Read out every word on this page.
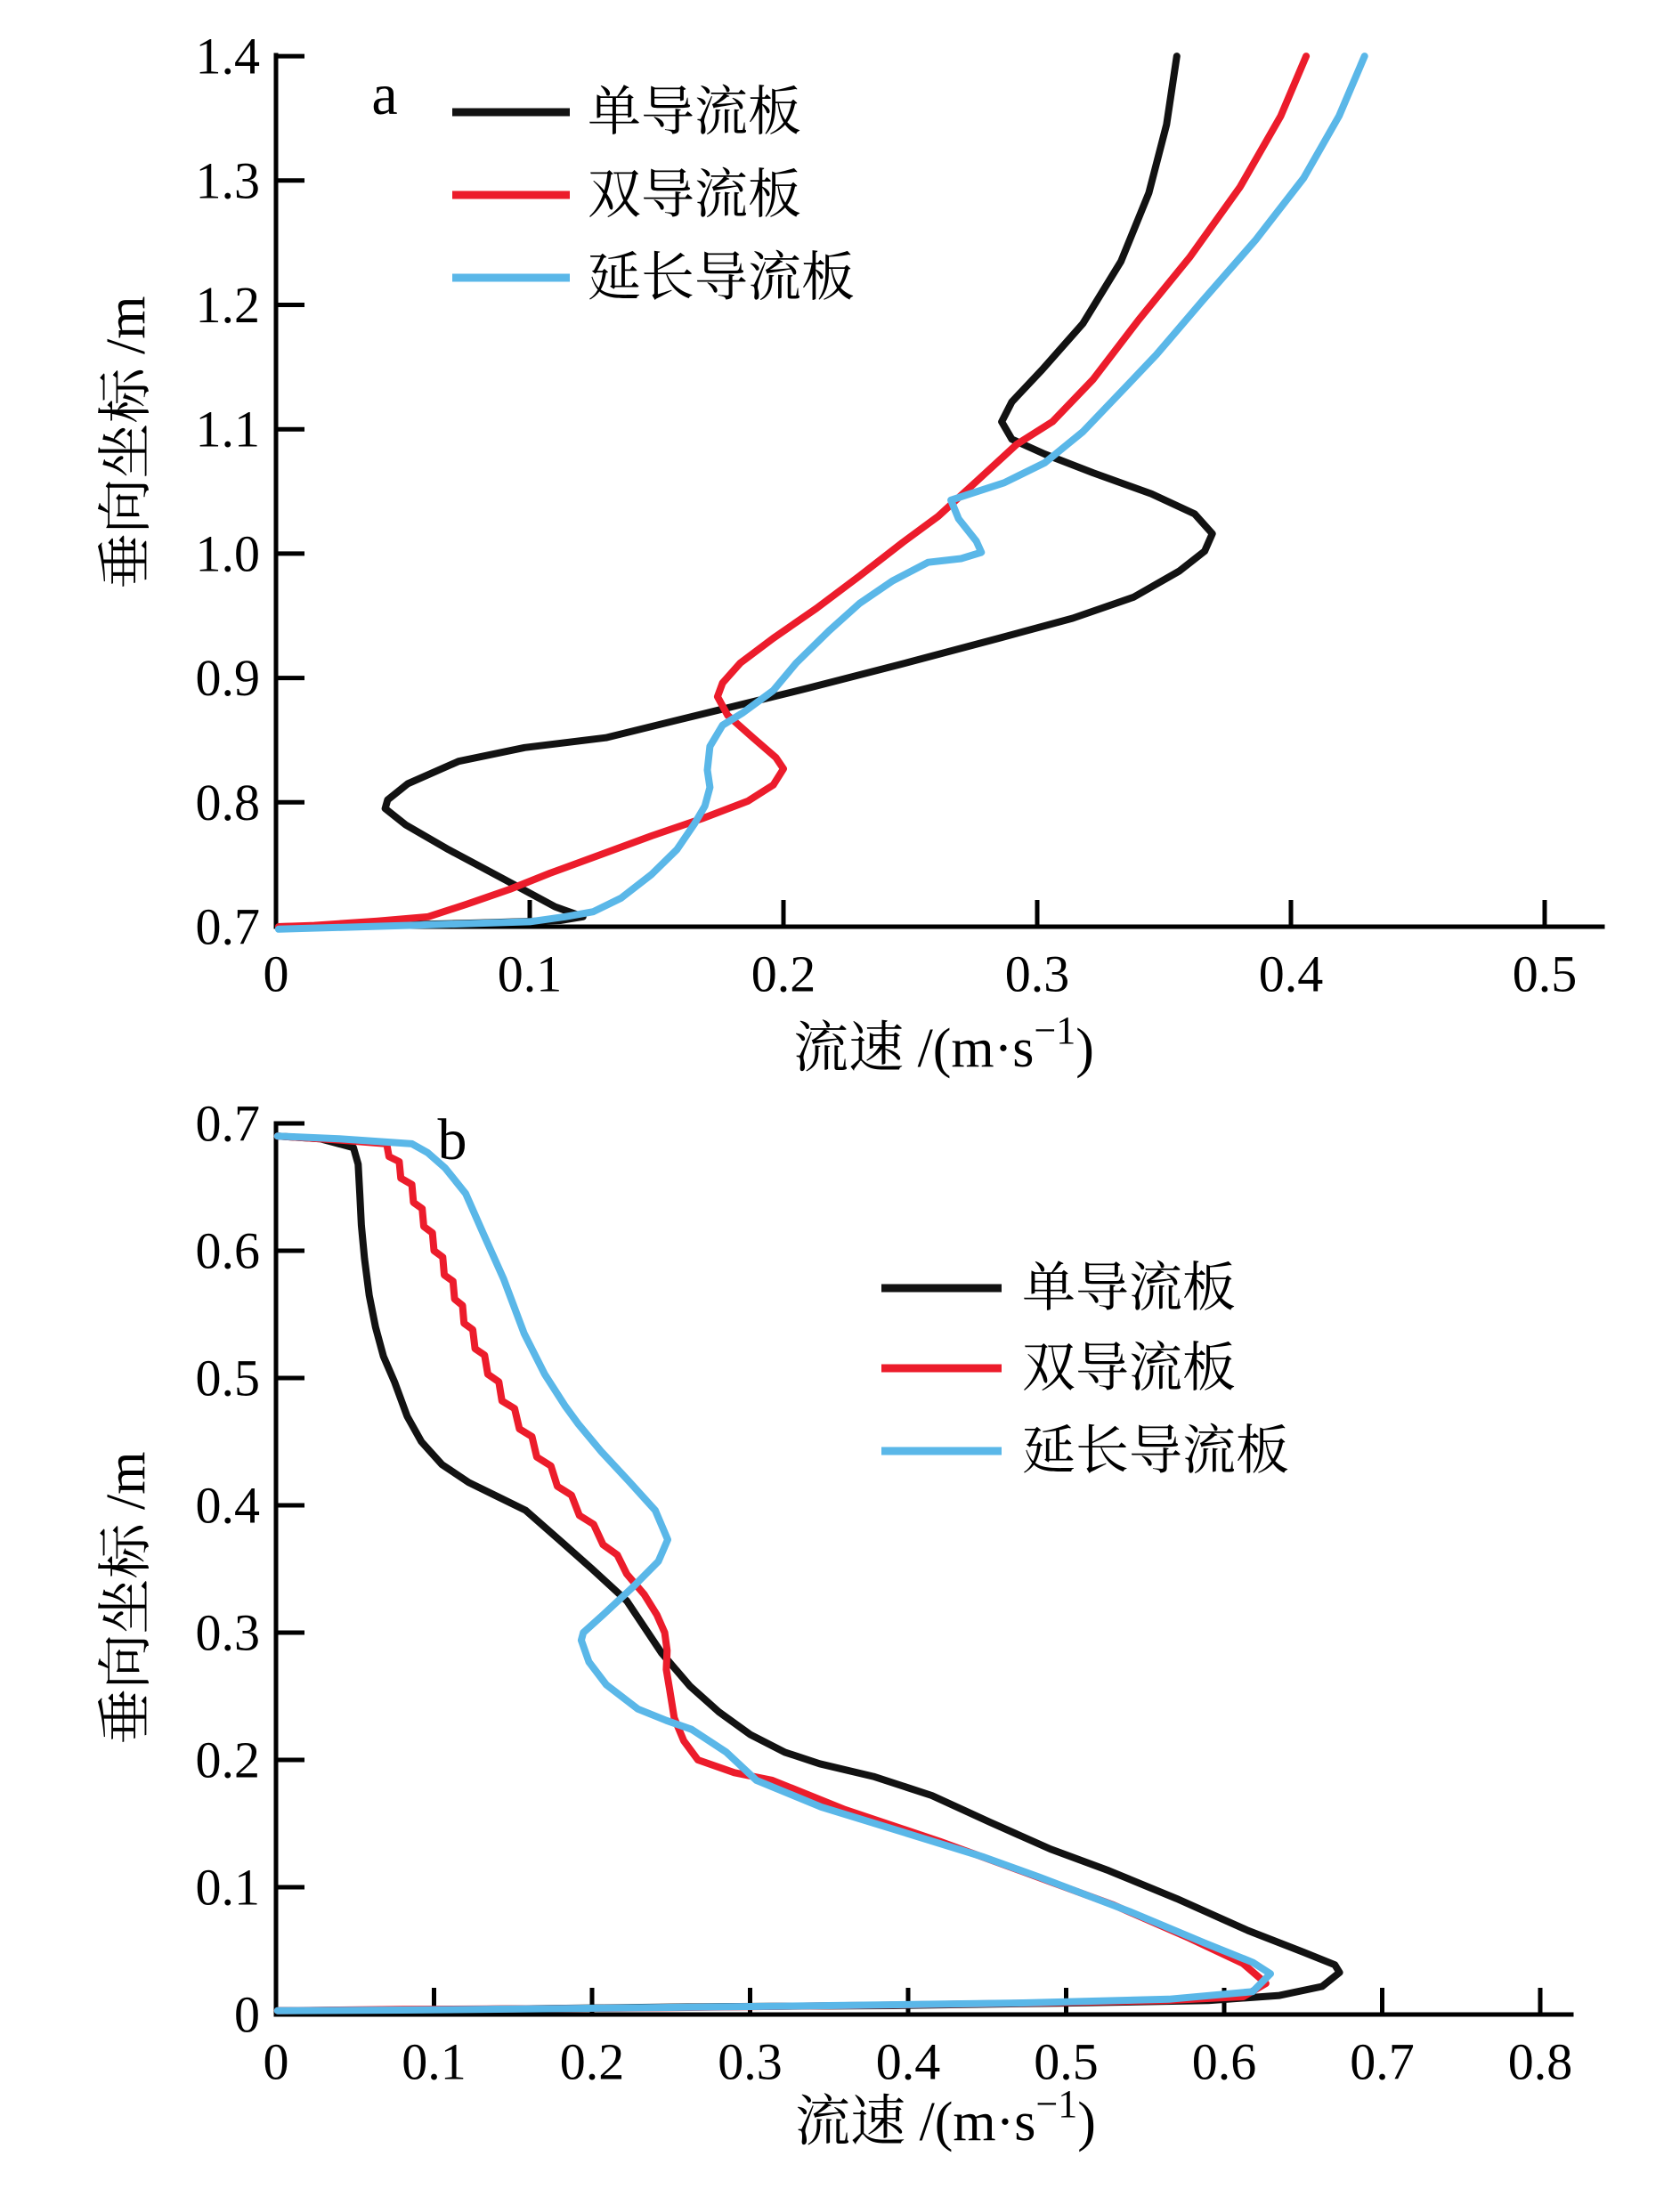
0	0.1	0.2	0.3	0.4	0.5
0.7
0.8
0.9
1.0
1.1
1.2
1.3
1.4
a
流速 $/(m\cdot s^{-1})$
垂向坐标 /m
单导流板
双导流板
延长导流板
0 0.1 0.2 0.3 0.4 0.5 0.6 0.7 0.8
0
0.1
0.2
0.3
0.4
0.5
0.6
0.7	b
流速 $/(m\cdot s^{-1})$
垂向坐标 /m
单导流板
双导流板
延长导流板
